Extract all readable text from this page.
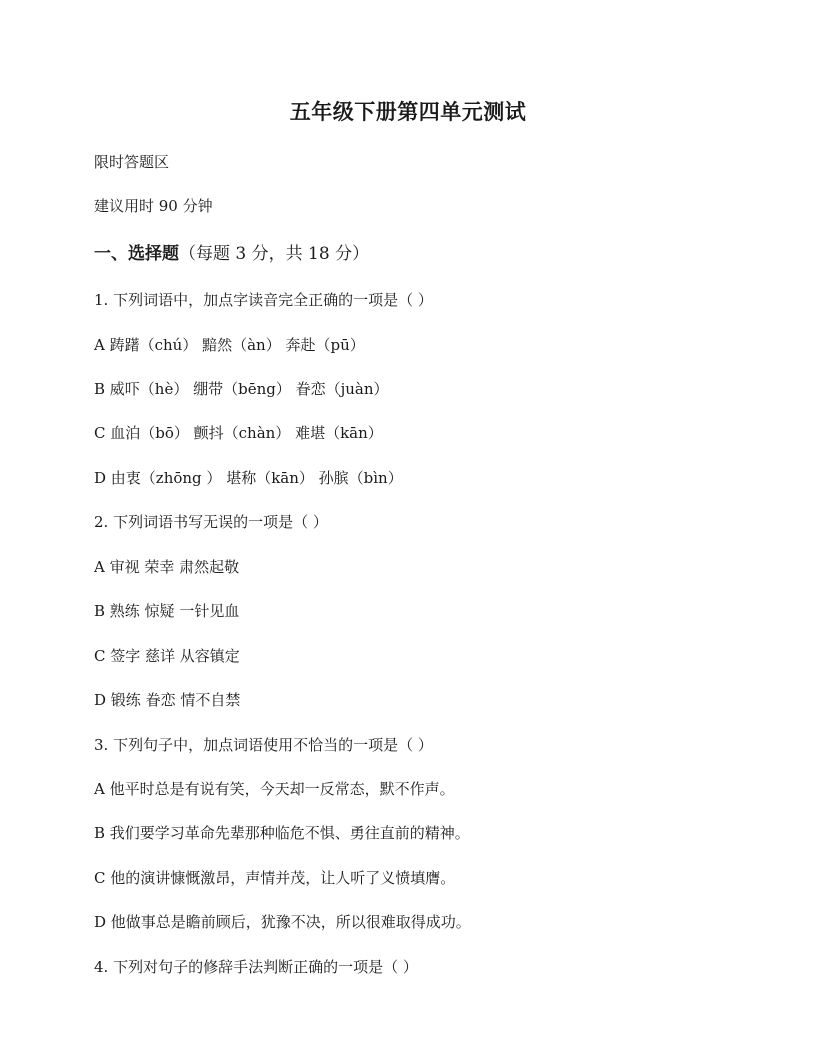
五年级下册第四单元测试
限时答题区
建议用时 90 分钟
一、选择题（每题 3 分，共 18 分）
1. 下列词语中，加点字读音完全正确的一项是（ ）
A 踌躇（chú） 黯然（àn） 奔赴（pū）
B 威吓（hè） 绷带（bēng） 眷恋（juàn）
C 血泊（bō） 颤抖（chàn） 难堪（kān）
D 由衷（zhōng ） 堪称（kān） 孙膑（bìn）
2. 下列词语书写无误的一项是（ ）
A 审视 荣幸 肃然起敬
B 熟练 惊疑 一针见血
C 签字 慈详 从容镇定
D 锻练 眷恋 情不自禁
3. 下列句子中，加点词语使用不恰当的一项是（ ）
A 他平时总是有说有笑，今天却一反常态，默不作声。
B 我们要学习革命先辈那种临危不惧、勇往直前的精神。
C 他的演讲慷慨激昂，声情并茂，让人听了义愤填膺。
D 他做事总是瞻前顾后，犹豫不决，所以很难取得成功。
4. 下列对句子的修辞手法判断正确的一项是（ ）
